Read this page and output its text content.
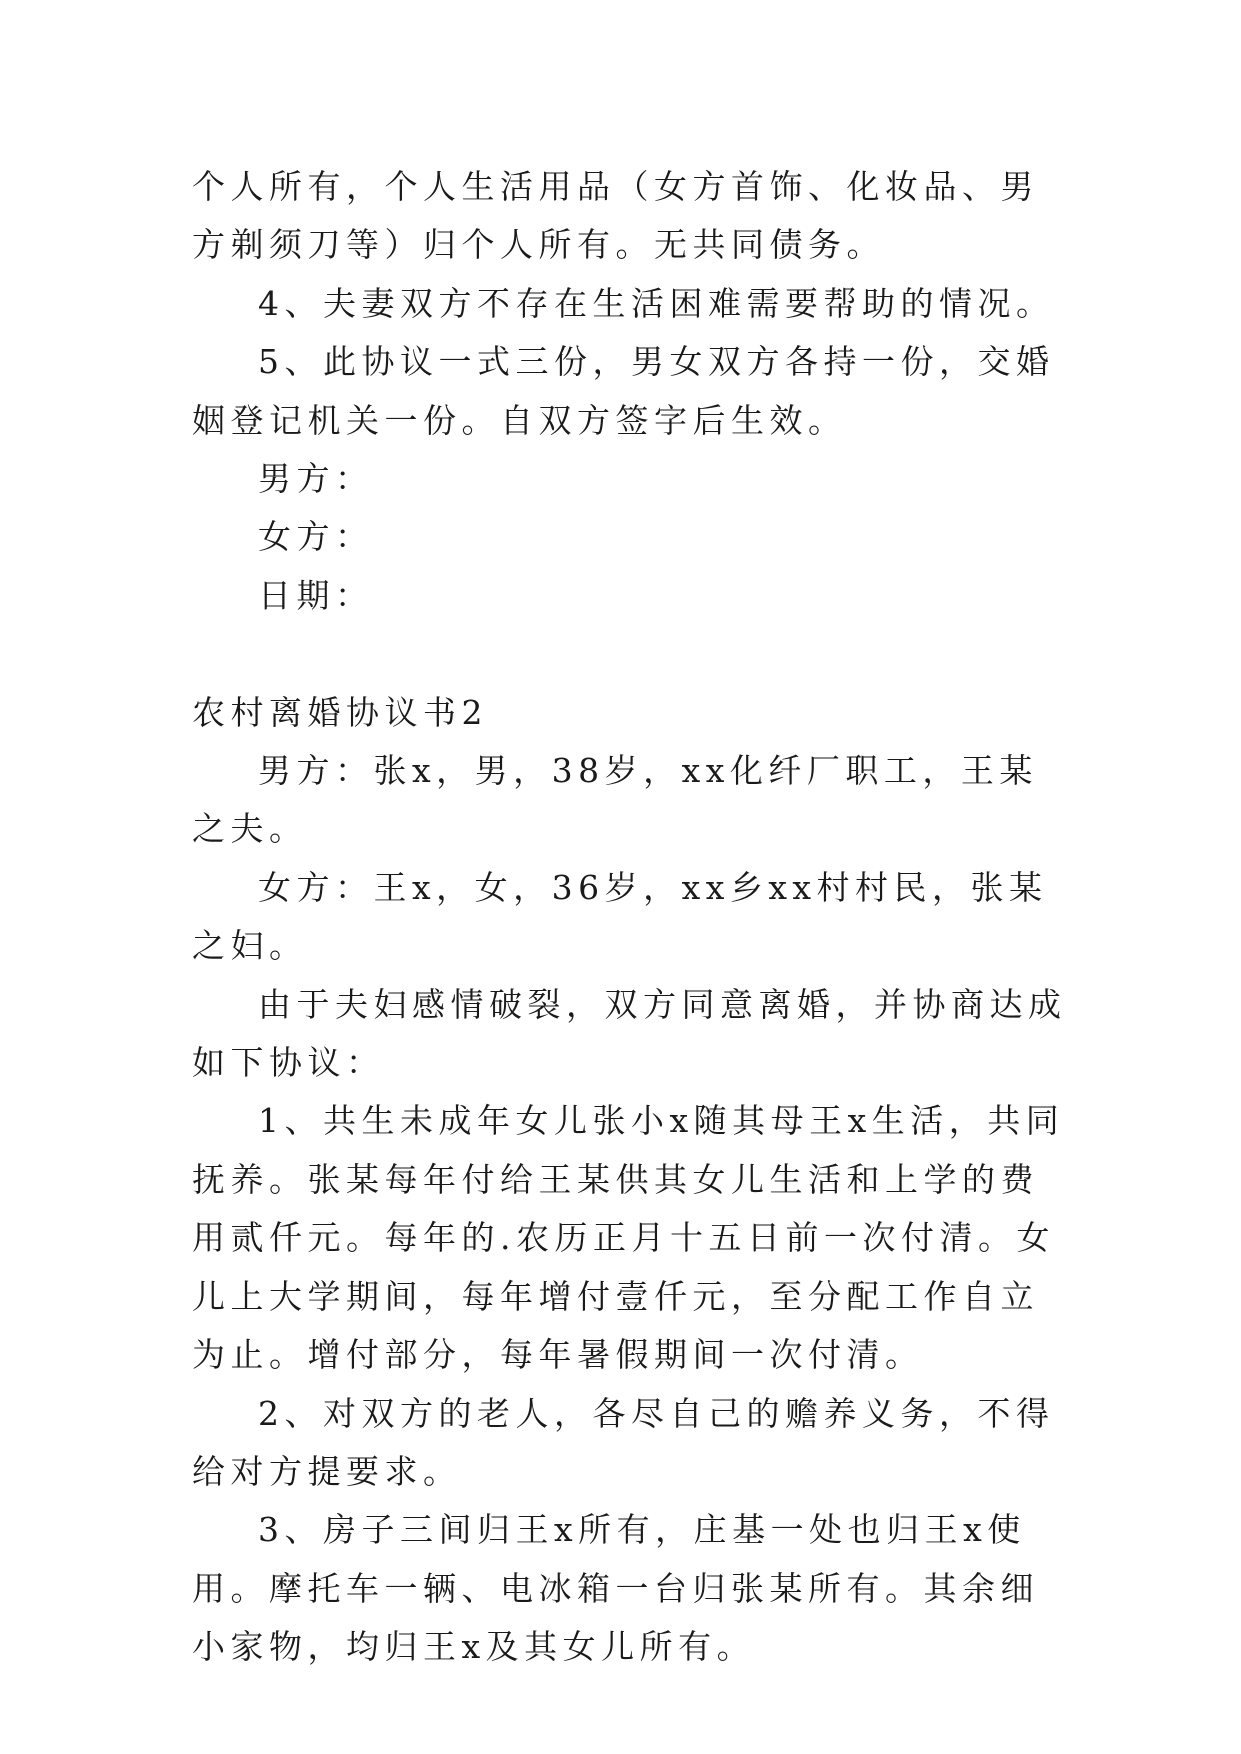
个人所有，个人生活用品（女方首饰、化妆品、男方剃须刀等）归个人所有。无共同债务。

4、夫妻双方不存在生活困难需要帮助的情况。

5、此协议一式三份，男女双方各持一份，交婚姻登记机关一份。自双方签字后生效。

男方：

女方：

日期：

农村离婚协议书2

男方：张x，男，38岁，xx化纤厂职工，王某之夫。

女方：王x，女，36岁，xx乡xx村村民，张某之妇。

由于夫妇感情破裂，双方同意离婚，并协商达成如下协议：

1、共生未成年女儿张小x随其母王x生活，共同抚养。张某每年付给王某供其女儿生活和上学的费用贰仟元。每年的.农历正月十五日前一次付清。女儿上大学期间，每年增付壹仟元，至分配工作自立为止。增付部分，每年暑假期间一次付清。

2、对双方的老人，各尽自己的赡养义务，不得给对方提要求。

3、房子三间归王x所有，庄基一处也归王x使用。摩托车一辆、电冰箱一台归张某所有。其余细小家物，均归王x及其女儿所有。
